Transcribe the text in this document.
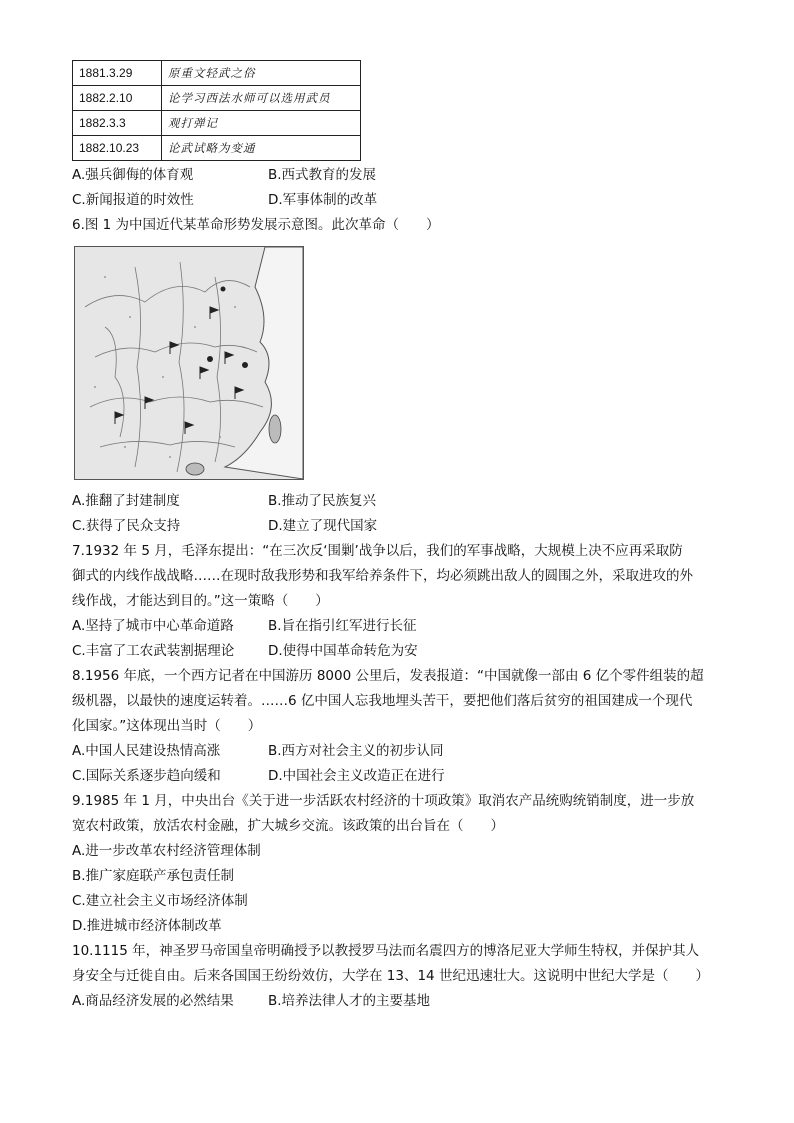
1881.3.29	原重文轻武之俗
1882.2.10	论学习西法水师可以选用武员
1882.3.3	观打弹记
1882.10.23	论武试略为变通
A.强兵御侮的体育观	B.西式教育的发展
C.新闻报道的时效性	D.军事体制的改革
6.图 1 为中国近代某革命形势发展示意图。此次革命（　　）
A.推翻了封建制度	B.推动了民族复兴
C.获得了民众支持	D.建立了现代国家
7.1932 年 5 月，毛泽东提出：“在三次反‘围剿’战争以后，我们的军事战略，大规模上决不应再采取防
御式的内线作战战略……在现时敌我形势和我军给养条件下，均必须跳出敌人的圆围之外，采取进攻的外
线作战，才能达到目的。”这一策略（　　）
A.坚持了城市中心革命道路	B.旨在指引红军进行长征
C.丰富了工农武装割据理论	D.使得中国革命转危为安
8.1956 年底，一个西方记者在中国游历 8000 公里后，发表报道：“中国就像一部由 6 亿个零件组装的超
级机器，以最快的速度运转着。……6 亿中国人忘我地埋头苦干，要把他们落后贫穷的祖国建成一个现代
化国家。”这体现出当时（　　）
A.中国人民建设热情高涨	B.西方对社会主义的初步认同
C.国际关系逐步趋向缓和	D.中国社会主义改造正在进行
9.1985 年 1 月，中央出台《关于进一步活跃农村经济的十项政策》取消农产品统购统销制度，进一步放
宽农村政策，放活农村金融，扩大城乡交流。该政策的出台旨在（　　）
A.进一步改革农村经济管理体制
B.推广家庭联产承包责任制
C.建立社会主义市场经济体制
D.推进城市经济体制改革
10.1115 年，神圣罗马帝国皇帝明确授予以教授罗马法而名震四方的博洛尼亚大学师生特权，并保护其人
身安全与迁徙自由。后来各国国王纷纷效仿，大学在 13、14 世纪迅速壮大。这说明中世纪大学是（　　）
A.商品经济发展的必然结果	B.培养法律人才的主要基地
